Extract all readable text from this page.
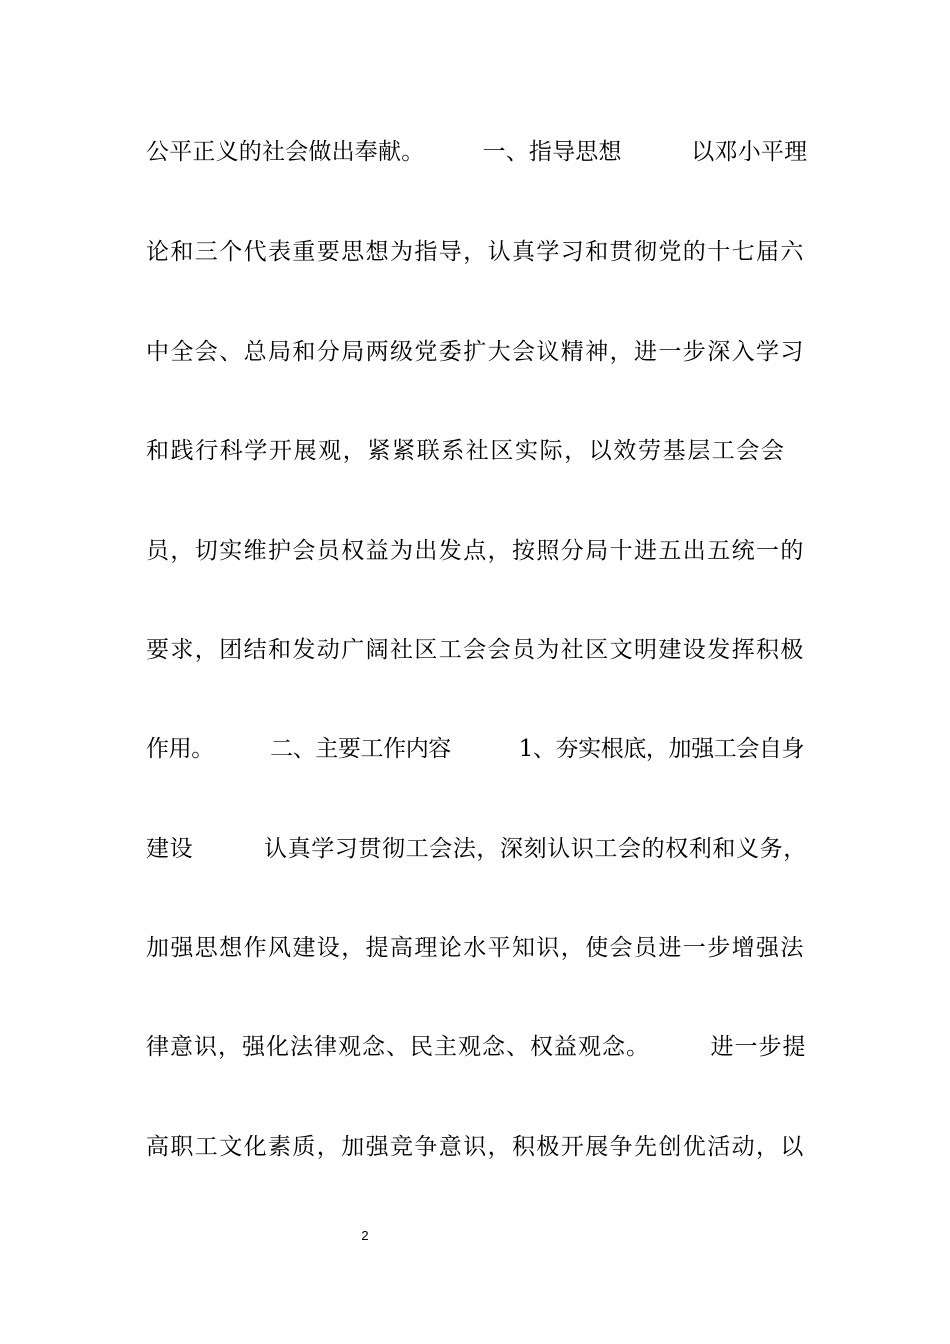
公平正义的社会做出奉献。　　　一、指导思想　　　以邓小平理
论和三个代表重要思想为指导，认真学习和贯彻党的十七届六
中全会、总局和分局两级党委扩大会议精神，进一步深入学习
和践行科学开展观，紧紧联系社区实际，以效劳基层工会会
员，切实维护会员权益为出发点，按照分局十进五出五统一的
要求，团结和发动广阔社区工会会员为社区文明建设发挥积极
作用。　　　二、主要工作内容　　　1、夯实根底，加强工会自身
建设　　　认真学习贯彻工会法，深刻认识工会的权利和义务，
加强思想作风建设，提高理论水平知识，使会员进一步增强法
律意识，强化法律观念、民主观念、权益观念。　　　进一步提
高职工文化素质，加强竞争意识，积极开展争先创优活动，以
2
